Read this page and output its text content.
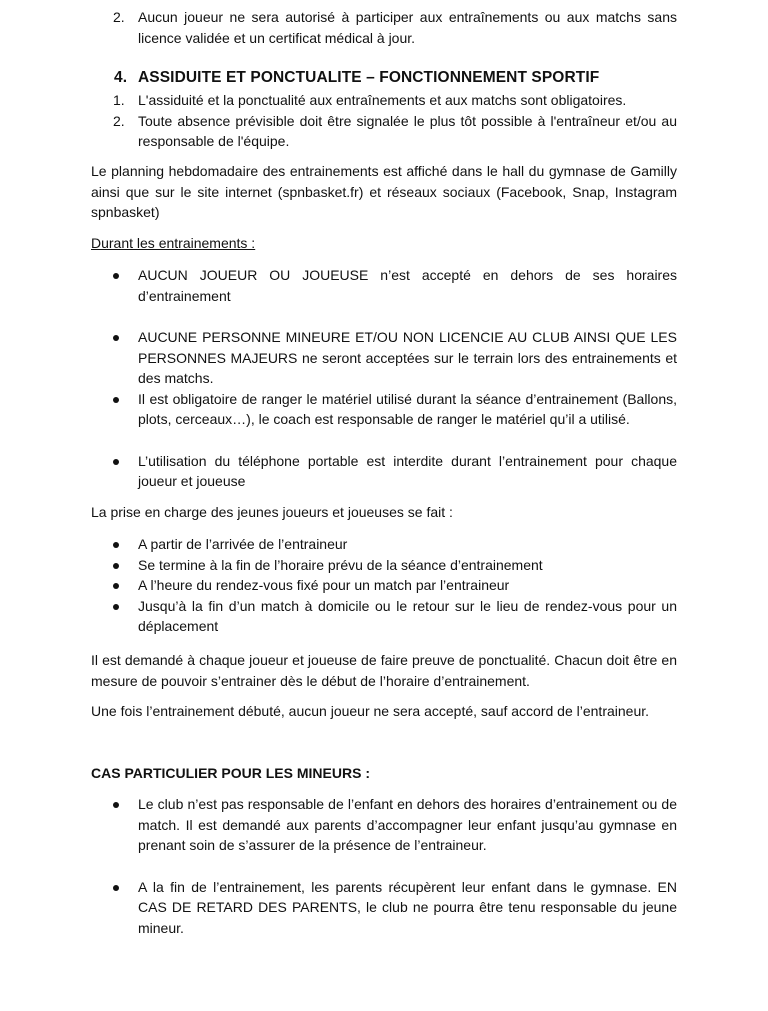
2. Aucun joueur ne sera autorisé à participer aux entraînements ou aux matchs sans licence validée et un certificat médical à jour.
4. ASSIDUITE ET PONCTUALITE – FONCTIONNEMENT SPORTIF
1. L'assiduité et la ponctualité aux entraînements et aux matchs sont obligatoires.
2. Toute absence prévisible doit être signalée le plus tôt possible à l'entraîneur et/ou au responsable de l'équipe.
Le planning hebdomadaire des entrainements est affiché dans le hall du gymnase de Gamilly ainsi que sur le site internet (spnbasket.fr) et réseaux sociaux (Facebook, Snap, Instagram spnbasket)
Durant les entrainements :
AUCUN JOUEUR OU JOUEUSE n’est accepté en dehors de ses horaires d’entrainement
AUCUNE PERSONNE MINEURE ET/OU NON LICENCIE AU CLUB AINSI QUE LES PERSONNES MAJEURS ne seront acceptées sur le terrain lors des entrainements et des matchs.
Il est obligatoire de ranger le matériel utilisé durant la séance d’entrainement (Ballons, plots, cerceaux…), le coach est responsable de ranger le matériel qu’il a utilisé.
L’utilisation du téléphone portable est interdite durant l’entrainement pour chaque joueur et joueuse
La prise en charge des jeunes joueurs et joueuses se fait :
A partir de l’arrivée de l’entraineur
Se termine à la fin de l’horaire prévu de la séance d’entrainement
A l’heure du rendez-vous fixé pour un match par l’entraineur
Jusqu’à la fin d’un match à domicile ou le retour sur le lieu de rendez-vous pour un déplacement
Il est demandé à chaque joueur et joueuse de faire preuve de ponctualité. Chacun doit être en mesure de pouvoir s’entrainer dès le début de l’horaire d’entrainement.
Une fois l’entrainement débuté, aucun joueur ne sera accepté, sauf accord de l’entraineur.
CAS PARTICULIER POUR LES MINEURS :
Le club n’est pas responsable de l’enfant en dehors des horaires d’entrainement ou de match. Il est demandé aux parents d’accompagner leur enfant jusqu’au gymnase en prenant soin de s’assurer de la présence de l’entraineur.
A la fin de l’entrainement, les parents récupèrent leur enfant dans le gymnase. EN CAS DE RETARD DES PARENTS, le club ne pourra être tenu responsable du jeune mineur.
